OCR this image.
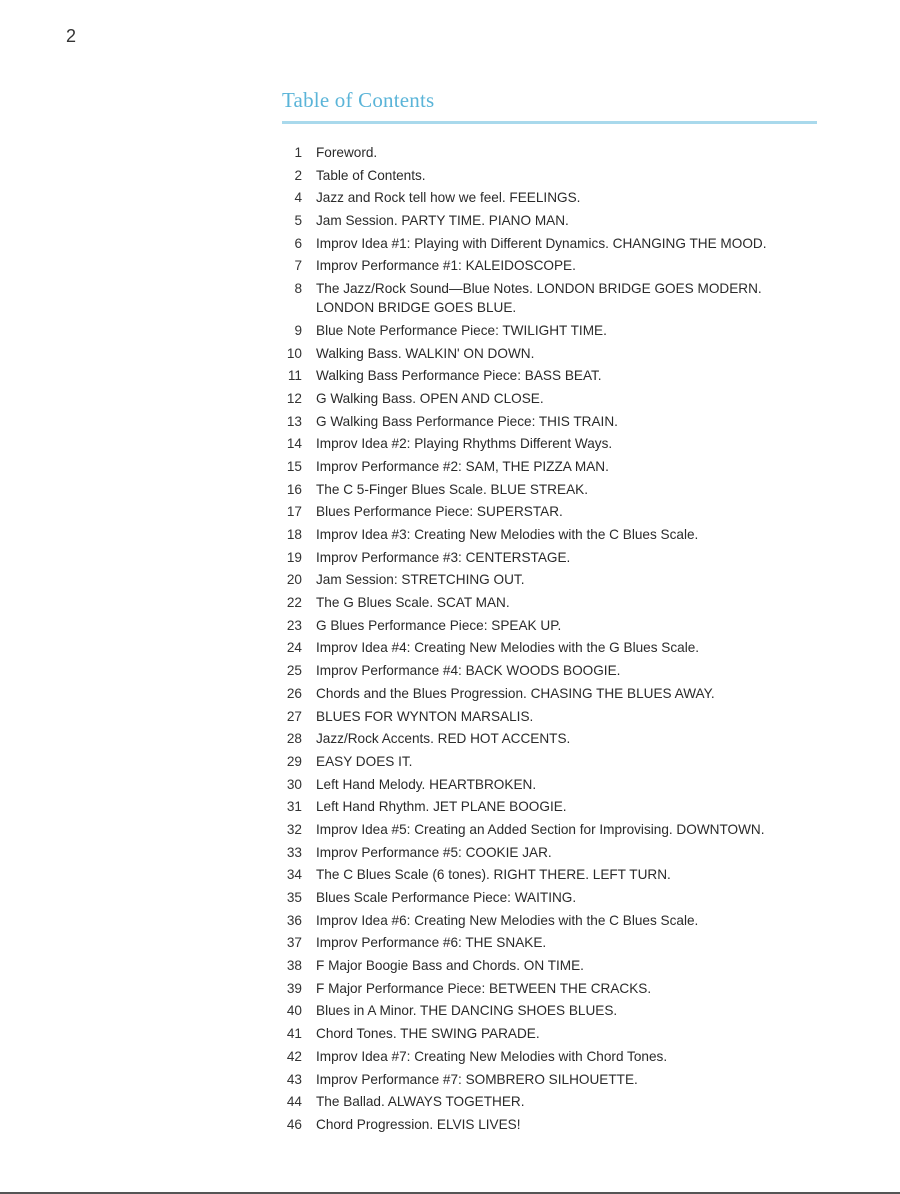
2
Table of Contents
1	Foreword.
2	Table of Contents.
4	Jazz and Rock tell how we feel. FEELINGS.
5	Jam Session. PARTY TIME. PIANO MAN.
6	Improv Idea #1: Playing with Different Dynamics. CHANGING THE MOOD.
7	Improv Performance #1: KALEIDOSCOPE.
8	The Jazz/Rock Sound—Blue Notes. LONDON BRIDGE GOES MODERN.
LONDON BRIDGE GOES BLUE.
9	Blue Note Performance Piece: TWILIGHT TIME.
10	Walking Bass. WALKIN' ON DOWN.
11	Walking Bass Performance Piece: BASS BEAT.
12	G Walking Bass. OPEN AND CLOSE.
13	G Walking Bass Performance Piece: THIS TRAIN.
14	Improv Idea #2: Playing Rhythms Different Ways.
15	Improv Performance #2: SAM, THE PIZZA MAN.
16	The C 5-Finger Blues Scale. BLUE STREAK.
17	Blues Performance Piece: SUPERSTAR.
18	Improv Idea #3: Creating New Melodies with the C Blues Scale.
19	Improv Performance #3: CENTERSTAGE.
20	Jam Session: STRETCHING OUT.
22	The G Blues Scale. SCAT MAN.
23	G Blues Performance Piece: SPEAK UP.
24	Improv Idea #4: Creating New Melodies with the G Blues Scale.
25	Improv Performance #4: BACK WOODS BOOGIE.
26	Chords and the Blues Progression. CHASING THE BLUES AWAY.
27	BLUES FOR WYNTON MARSALIS.
28	Jazz/Rock Accents. RED HOT ACCENTS.
29	EASY DOES IT.
30	Left Hand Melody. HEARTBROKEN.
31	Left Hand Rhythm. JET PLANE BOOGIE.
32	Improv Idea #5: Creating an Added Section for Improvising. DOWNTOWN.
33	Improv Performance #5: COOKIE JAR.
34	The C Blues Scale (6 tones). RIGHT THERE. LEFT TURN.
35	Blues Scale Performance Piece: WAITING.
36	Improv Idea #6: Creating New Melodies with the C Blues Scale.
37	Improv Performance #6: THE SNAKE.
38	F Major Boogie Bass and Chords. ON TIME.
39	F Major Performance Piece: BETWEEN THE CRACKS.
40	Blues in A Minor. THE DANCING SHOES BLUES.
41	Chord Tones. THE SWING PARADE.
42	Improv Idea #7: Creating New Melodies with Chord Tones.
43	Improv Performance #7: SOMBRERO SILHOUETTE.
44	The Ballad. ALWAYS TOGETHER.
46	Chord Progression. ELVIS LIVES!
